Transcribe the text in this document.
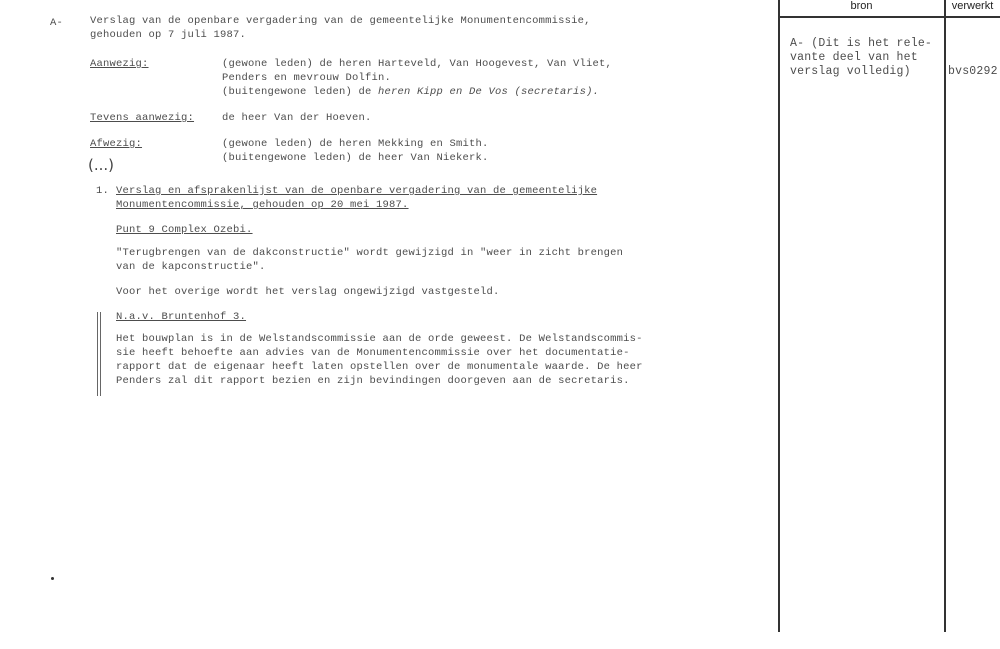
A-	Verslag van de openbare vergadering van de gemeentelijke Monumentencommissie,
gehouden op 7 juli 1987.
Aanwezig:	(gewone leden) de heren Harteveld, Van Hoogevest, Van Vliet,
Penders en mevrouw Dolfin.
(buitengewone leden) de heren Kipp en De Vos (secretaris).
Tevens aanwezig:	de heer Van der Hoeven.
Afwezig:	(gewone leden) de heren Mekking en Smith.
(buitengewone leden) de heer Van Niekerk.
(...)
1. Verslag en afsprakenlijst van de openbare vergadering van de gemeentelijke
Monumentencommissie, gehouden op 20 mei 1987.
Punt 9 Complex Ozebi.
"Terugbrengen van de dakconstructie" wordt gewijzigd in "weer in zicht brengen
van de kapconstructie".
Voor het overige wordt het verslag ongewijzigd vastgesteld.
N.a.v. Bruntenhof 3.
Het bouwplan is in de Welstandscommissie aan de orde geweest. De Welstandscommis-
sie heeft behoefte aan advies van de Monumentencommissie over het documentatie-
rapport dat de eigenaar heeft laten opstellen over de monumentale waarde. De heer
Penders zal dit rapport bezien en zijn bevindingen doorgeven aan de secretaris.
bron	verwerkt
A- (Dit is het rele-
vante deel van het
verslag volledig)	bvs0292
